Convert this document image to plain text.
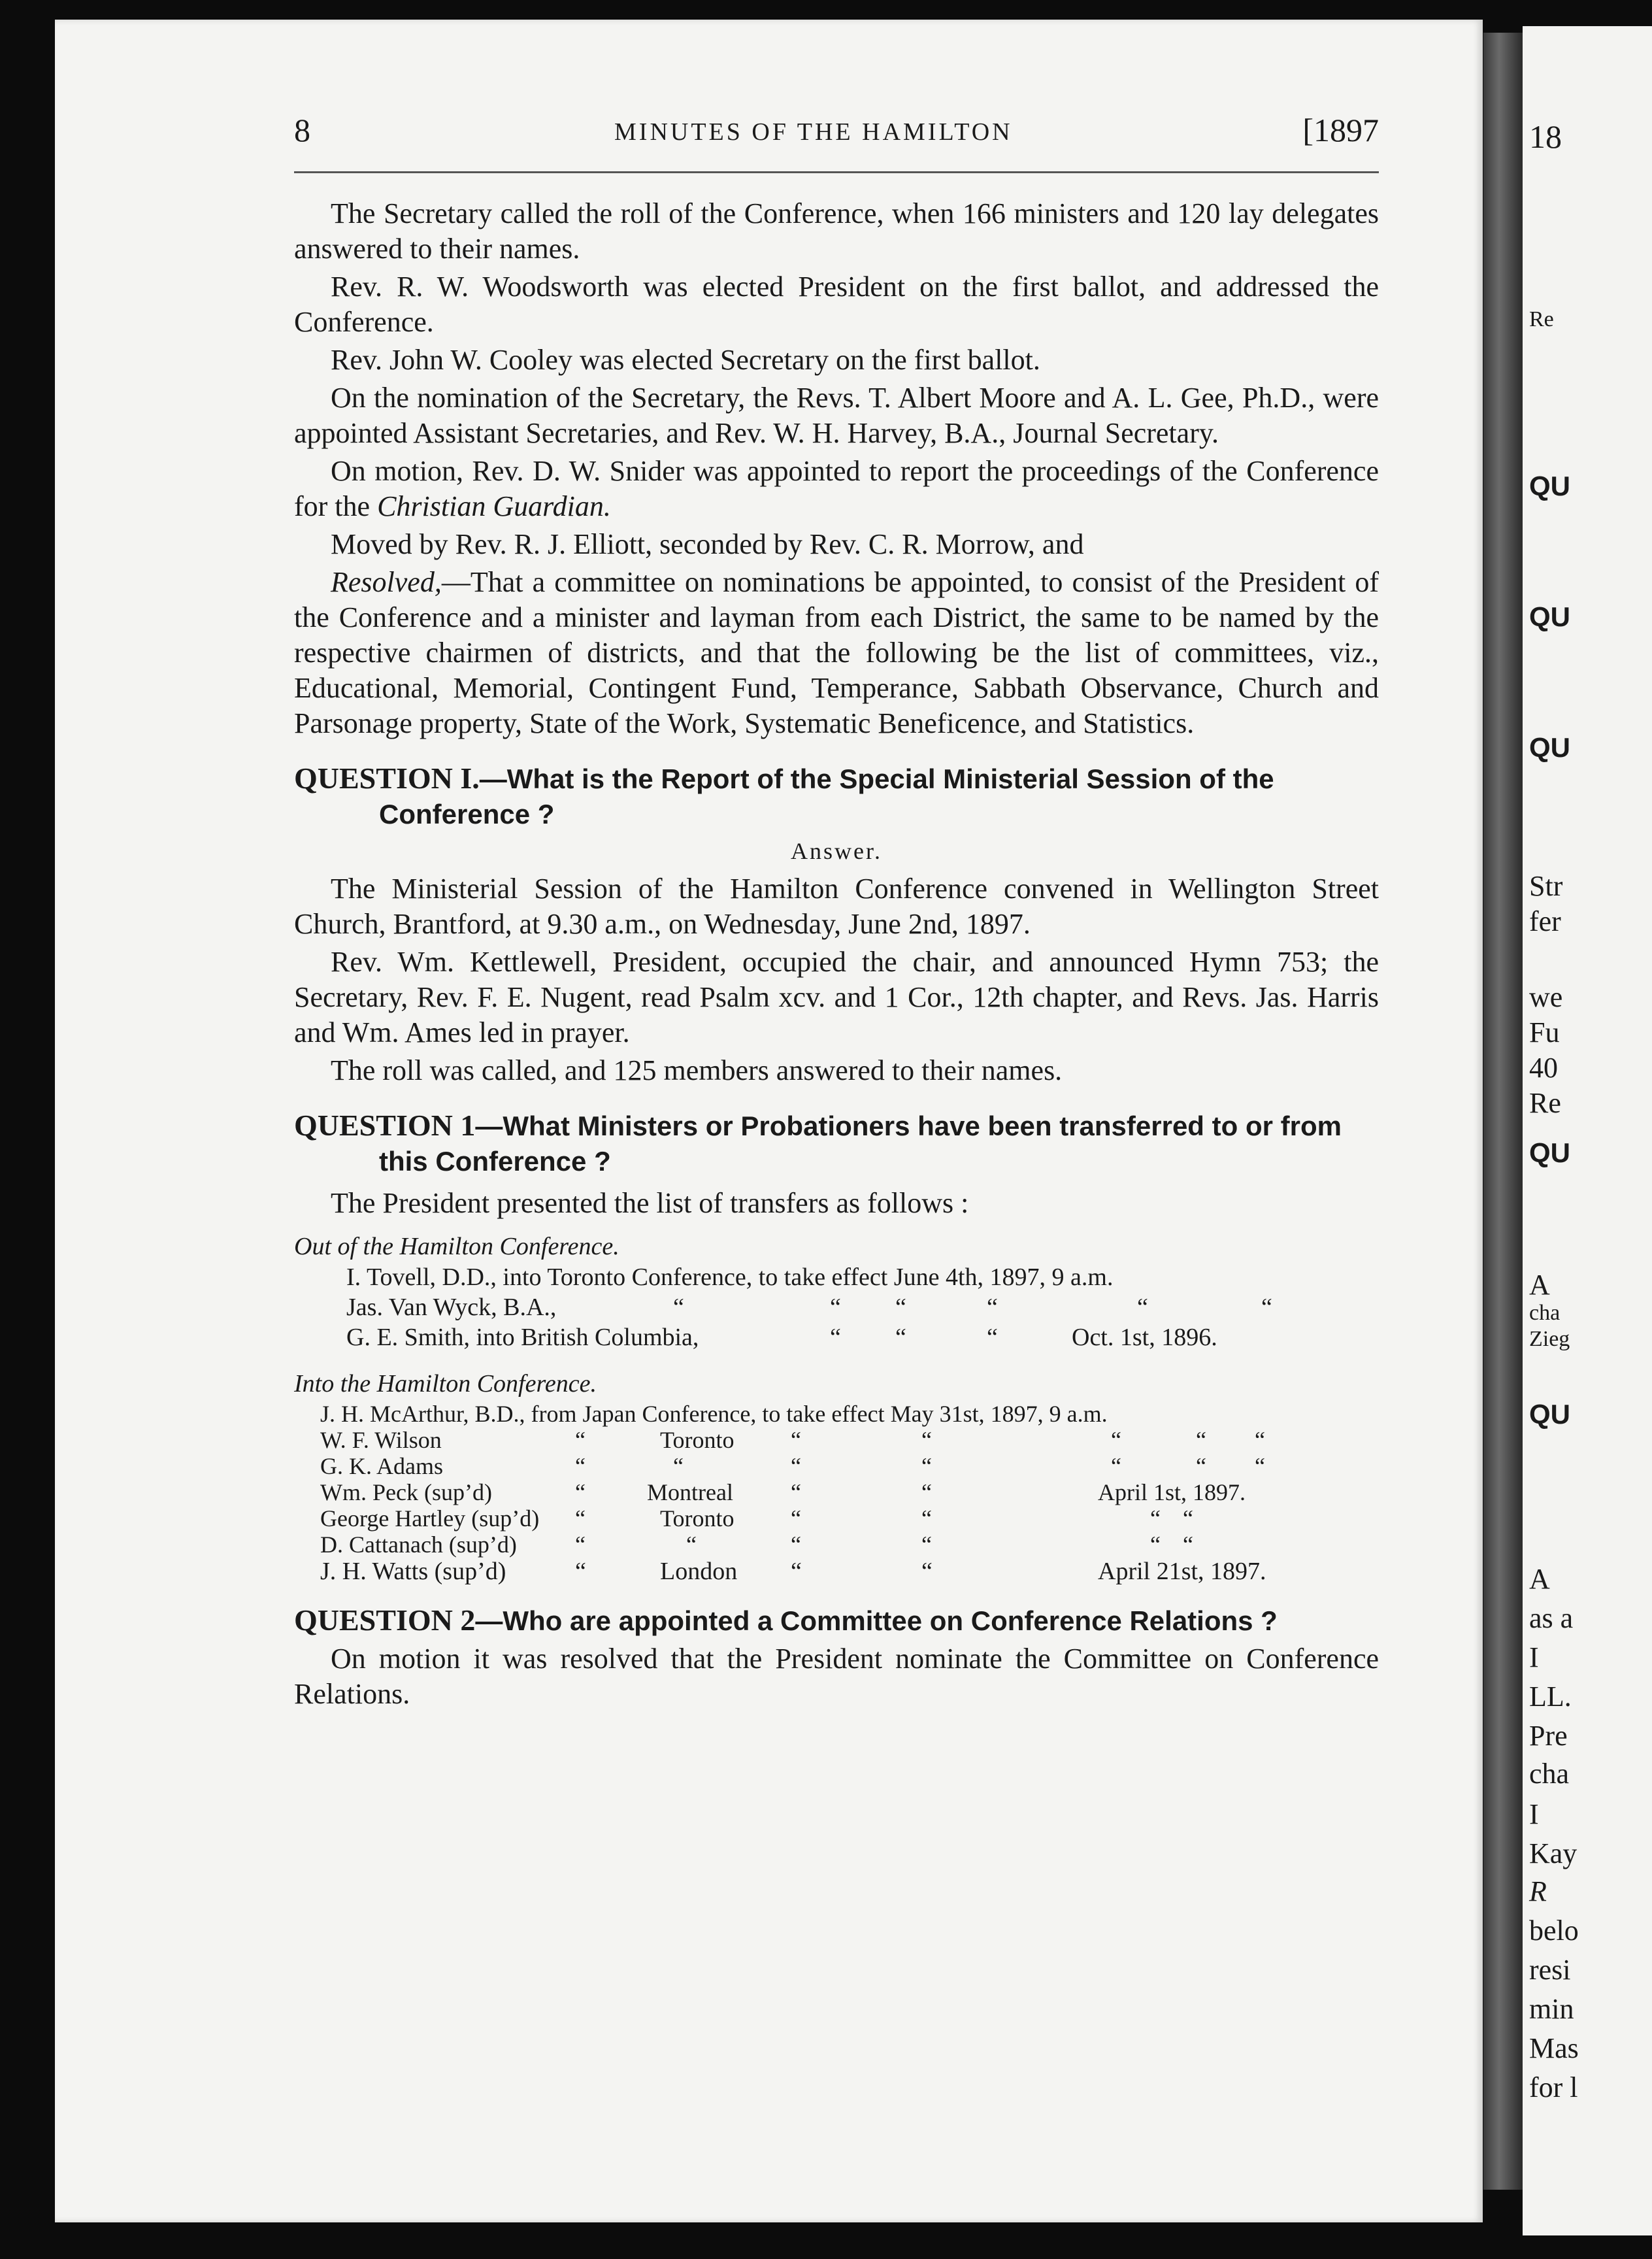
18
Re
QU
QU
QU
Str
fer
we
Fu
40
Re
QU
A
cha
Zieg
QU
A
as a
I
LL.
Pre
cha
I
Kay
R
belo
resi
min
Mas
for l
8	MINUTES OF THE HAMILTON	[1897

The Secretary called the roll of the Conference, when 166 ministers and 120 lay delegates answered to their names.

Rev. R. W. Woodsworth was elected President on the first ballot, and addressed the Conference.

Rev. John W. Cooley was elected Secretary on the first ballot.

On the nomination of the Secretary, the Revs. T. Albert Moore and A. L. Gee, Ph.D., were appointed Assistant Secretaries, and Rev. W. H. Harvey, B.A., Journal Secretary.

On motion, Rev. D. W. Snider was appointed to report the proceedings of the Conference for the Christian Guardian.

Moved by Rev. R. J. Elliott, seconded by Rev. C. R. Morrow, and

Resolved,—That a committee on nominations be appointed, to consist of the President of the Conference and a minister and layman from each District, the same to be named by the respective chairmen of districts, and that the following be the list of committees, viz., Educational, Memorial, Contingent Fund, Temperance, Sabbath Observance, Church and Parsonage property, State of the Work, Systematic Beneficence, and Statistics.

QUESTION I.—What is the Report of the Special Ministerial Session of the Conference ?
Answer.

The Ministerial Session of the Hamilton Conference convened in Wellington Street Church, Brantford, at 9.30 a.m., on Wednesday, June 2nd, 1897.

Rev. Wm. Kettlewell, President, occupied the chair, and announced Hymn 753; the Secretary, Rev. F. E. Nugent, read Psalm xcv. and 1 Cor., 12th chapter, and Revs. Jas. Harris and Wm. Ames led in prayer.

The roll was called, and 125 members answered to their names.

QUESTION 1—What Ministers or Probationers have been transferred to or from this Conference ?

The President presented the list of transfers as follows :

Out of the Hamilton Conference.
I. Tovell, D.D., into Toronto Conference, to take effect June 4th, 1897, 9 a.m.
Jas. Van Wyck, B.A.,	“	“ “	“	“	“
G. E. Smith, into British Columbia,	“ “	“	Oct. 1st, 1896.
Into the Hamilton Conference.
J. H. McArthur, B.D., from Japan Conference, to take effect May 31st, 1897, 9 a.m.
W. F. Wilson	“	Toronto “	“	“	“ “
G. K. Adams	“	“	“	“	“	“ “
Wm. Peck (sup’d)	“	Montreal “	“	April 1st, 1897.
George Hartley (sup’d) “	Toronto “	“	“ “
D. Cattanach (sup’d) “	“	“	“	“ “
J. H. Watts (sup’d)	“	London “	“	April 21st, 1897.
QUESTION 2—Who are appointed a Committee on Conference Relations ?

On motion it was resolved that the President nominate the Committee on Conference Relations.
